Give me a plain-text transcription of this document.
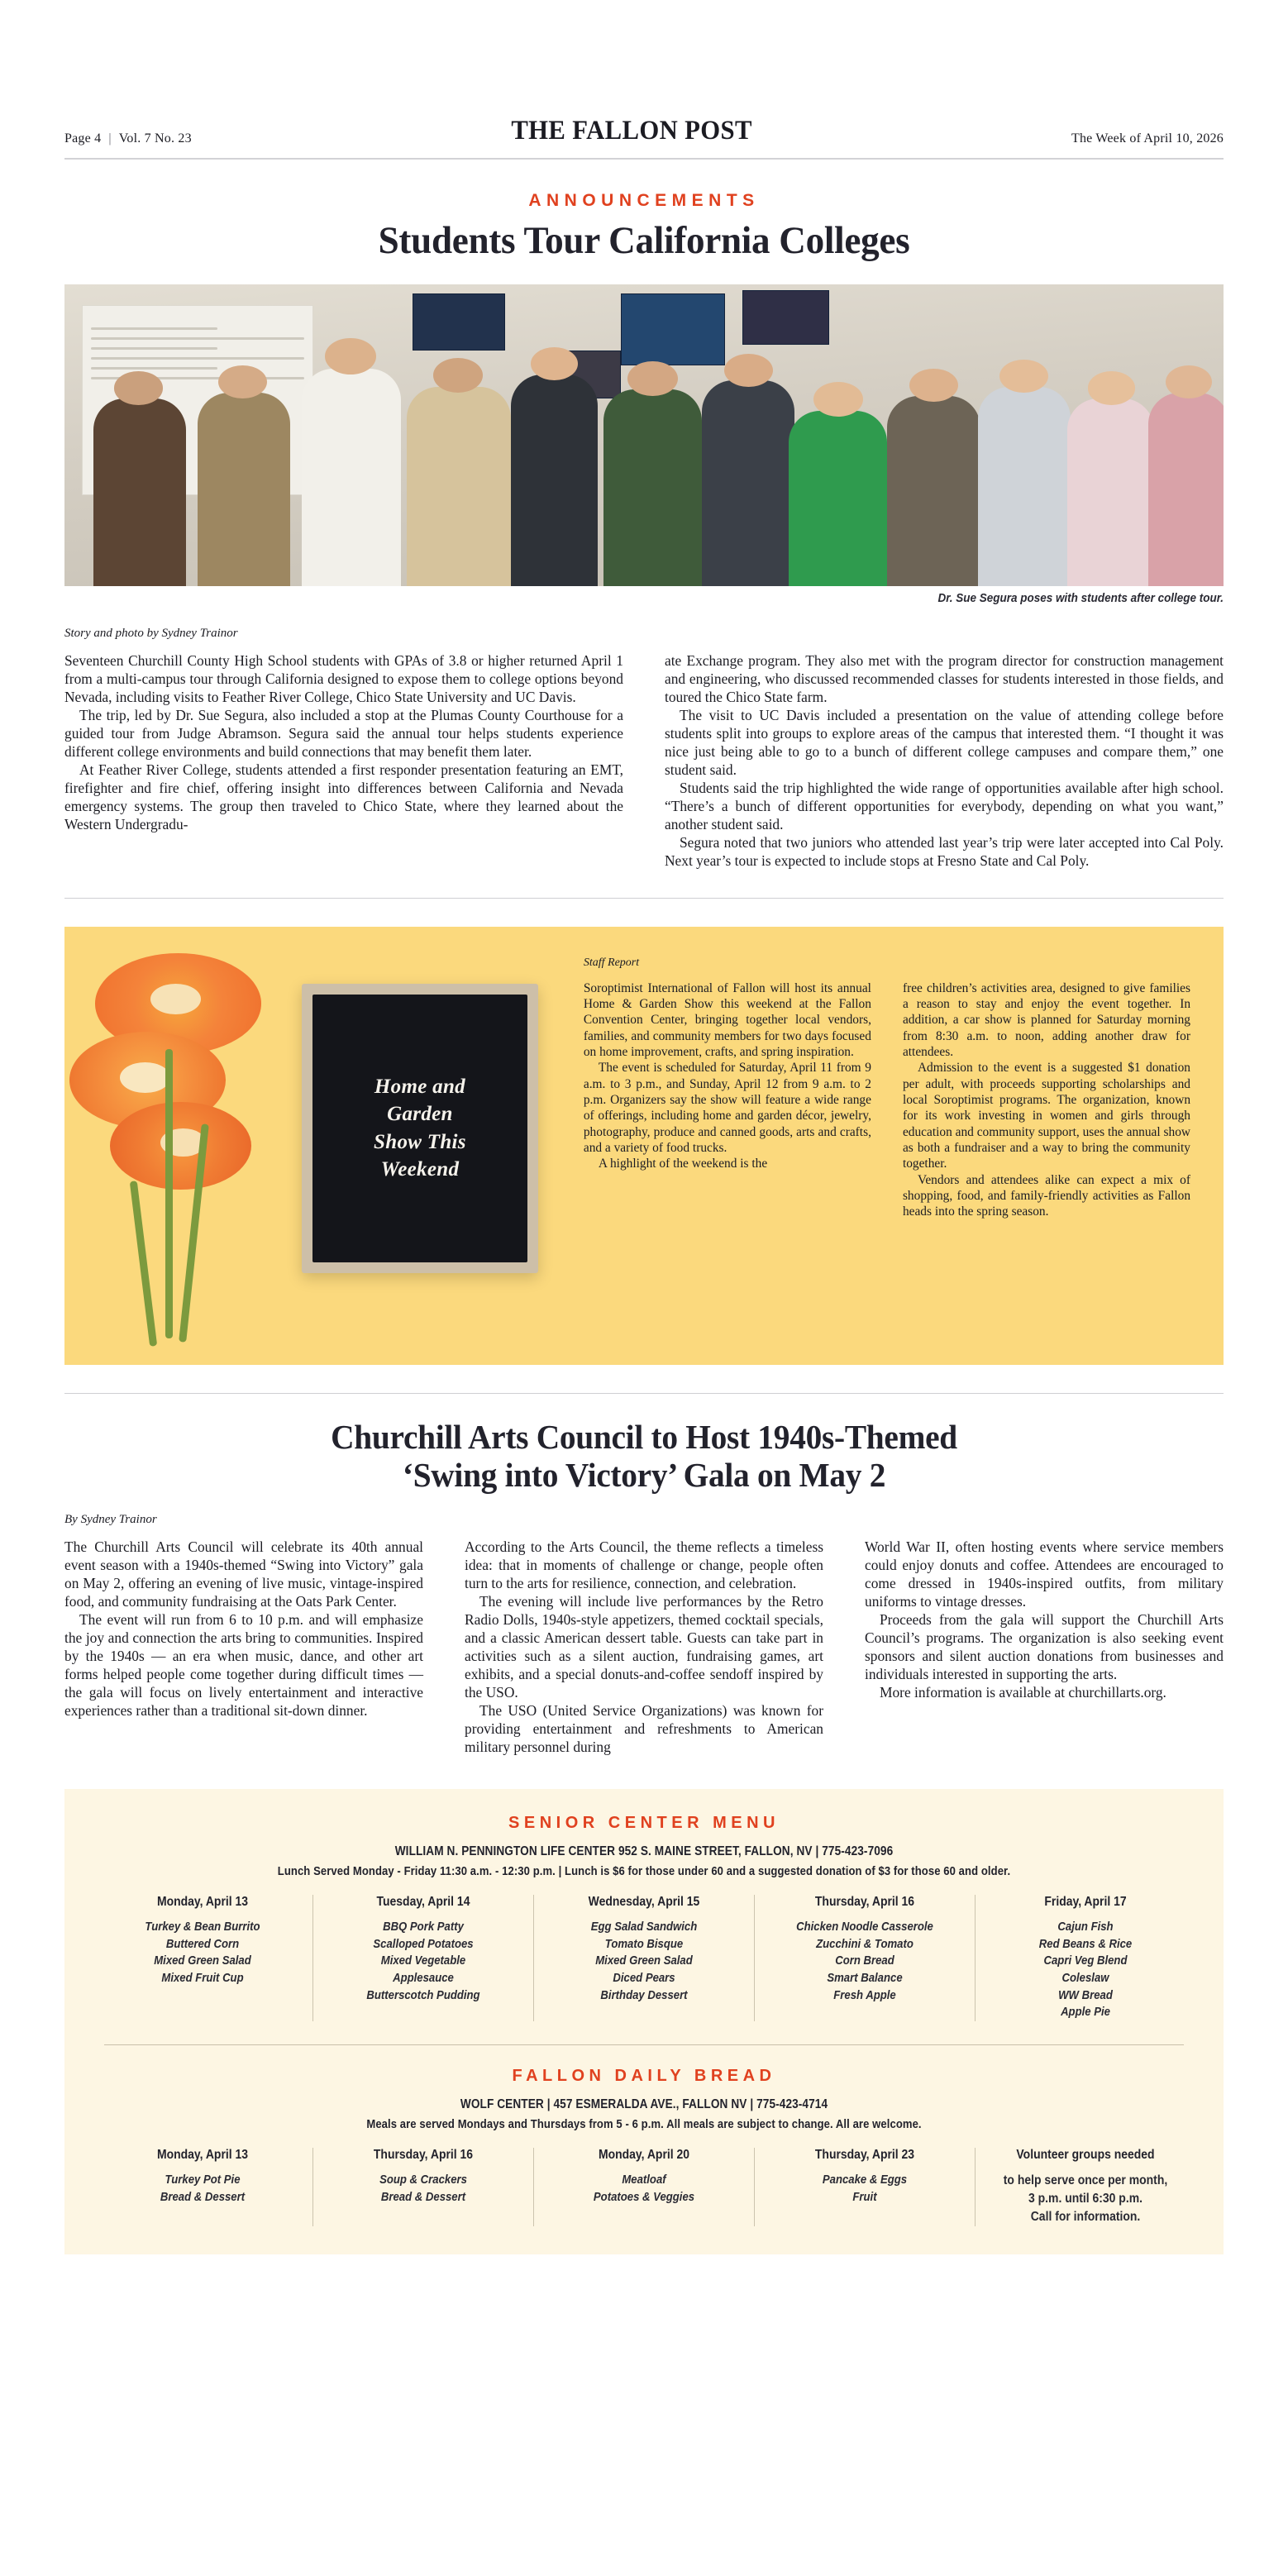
Page 4 | Vol. 7 No. 23	THE FALLON POST	The Week of April 10, 2026
ANNOUNCEMENTS
Students Tour California Colleges
Dr. Sue Segura poses with students after college tour.
Story and photo by Sydney Trainor

Seventeen Churchill County High School students with GPAs of 3.8 or higher returned April 1 from a multi-campus tour through California designed to expose them to college options beyond Nevada, including visits to Feather River College, Chico State University and UC Davis.

The trip, led by Dr. Sue Segura, also included a stop at the Plumas County Courthouse for a guided tour from Judge Abramson. Segura said the annual tour helps students experience different college environments and build connections that may benefit them later.

At Feather River College, students attended a first responder presentation featuring an EMT, firefighter and fire chief, offering insight into differences between California and Nevada emergency systems. The group then traveled to Chico State, where they learned about the Western Undergradu-

ate Exchange program. They also met with the program director for construction management and engineering, who discussed recommended classes for students interested in those fields, and toured the Chico State farm.

The visit to UC Davis included a presentation on the value of attending college before students split into groups to explore areas of the campus that interested them. “I thought it was nice just being able to go to a bunch of different college campuses and compare them,” one student said.

Students said the trip highlighted the wide range of opportunities available after high school. “There’s a bunch of different opportunities for everybody, depending on what you want,” another student said.

Segura noted that two juniors who attended last year’s trip were later accepted into Cal Poly. Next year’s tour is expected to include stops at Fresno State and Cal Poly.

Home and
Garden
Show This
Weekend
Staff Report

Soroptimist International of Fallon will host its annual Home & Garden Show this weekend at the Fallon Convention Center, bringing together local vendors, families, and community members for two days focused on home improvement, crafts, and spring inspiration.

The event is scheduled for Saturday, April 11 from 9 a.m. to 3 p.m., and Sunday, April 12 from 9 a.m. to 2 p.m. Organizers say the show will feature a wide range of offerings, including home and garden décor, jewelry, photography, produce and canned goods, arts and crafts, and a variety of food trucks.

A highlight of the weekend is the

free children’s activities area, designed to give families a reason to stay and enjoy the event together. In addition, a car show is planned for Saturday morning from 8:30 a.m. to noon, adding another draw for attendees.

Admission to the event is a suggested $1 donation per adult, with proceeds supporting scholarships and local Soroptimist programs. The organization, known for its work investing in women and girls through education and community support, uses the annual show as both a fundraiser and a way to bring the community together.

Vendors and attendees alike can expect a mix of shopping, food, and family-friendly activities as Fallon heads into the spring season.

Churchill Arts Council to Host 1940s-Themed
‘Swing into Victory’ Gala on May 2
By Sydney Trainor

The Churchill Arts Council will celebrate its 40th annual event season with a 1940s-themed “Swing into Victory” gala on May 2, offering an evening of live music, vintage-inspired food, and community fundraising at the Oats Park Center.

The event will run from 6 to 10 p.m. and will emphasize the joy and connection the arts bring to communities. Inspired by the 1940s — an era when music, dance, and other art forms helped people come together during difficult times — the gala will focus on lively entertainment and interactive experiences rather than a traditional sit-down dinner.

According to the Arts Council, the theme reflects a timeless idea: that in moments of challenge or change, people often turn to the arts for resilience, connection, and celebration.

The evening will include live performances by the Retro Radio Dolls, 1940s-style appetizers, themed cocktail specials, and a classic American dessert table. Guests can take part in activities such as a silent auction, fundraising games, art exhibits, and a special donuts-and-coffee sendoff inspired by the USO.

The USO (United Service Organizations) was known for providing entertainment and refreshments to American military personnel during

World War II, often hosting events where service members could enjoy donuts and coffee. Attendees are encouraged to come dressed in 1940s-inspired outfits, from military uniforms to vintage dresses.

Proceeds from the gala will support the Churchill Arts Council’s programs. The organization is also seeking event sponsors and silent auction donations from businesses and individuals interested in supporting the arts.

More information is available at churchillarts.org.

SENIOR CENTER MENU
WILLIAM N. PENNINGTON LIFE CENTER 952 S. MAINE STREET, FALLON, NV | 775-423-7096
Lunch Served Monday - Friday 11:30 a.m. - 12:30 p.m. | Lunch is $6 for those under 60 and a suggested donation of $3 for those 60 and older.
Monday, April 13
Turkey & Bean Burrito
Buttered Corn
Mixed Green Salad
Mixed Fruit Cup
Tuesday, April 14
BBQ Pork Patty
Scalloped Potatoes
Mixed Vegetable
Applesauce
Butterscotch Pudding
Wednesday, April 15
Egg Salad Sandwich
Tomato Bisque
Mixed Green Salad
Diced Pears
Birthday Dessert
Thursday, April 16
Chicken Noodle Casserole
Zucchini & Tomato
Corn Bread
Smart Balance
Fresh Apple
Friday, April 17
Cajun Fish
Red Beans & Rice
Capri Veg Blend
Coleslaw
WW Bread
Apple Pie
FALLON DAILY BREAD
WOLF CENTER | 457 ESMERALDA AVE., FALLON NV | 775-423-4714
Meals are served Mondays and Thursdays from 5 - 6 p.m. All meals are subject to change. All are welcome.
Monday, April 13
Turkey Pot Pie
Bread & Dessert
Thursday, April 16
Soup & Crackers
Bread & Dessert
Monday, April 20
Meatloaf
Potatoes & Veggies
Thursday, April 23
Pancake & Eggs
Fruit
Volunteer groups needed
to help serve once per month,
3 p.m. until 6:30 p.m.
Call for information.
